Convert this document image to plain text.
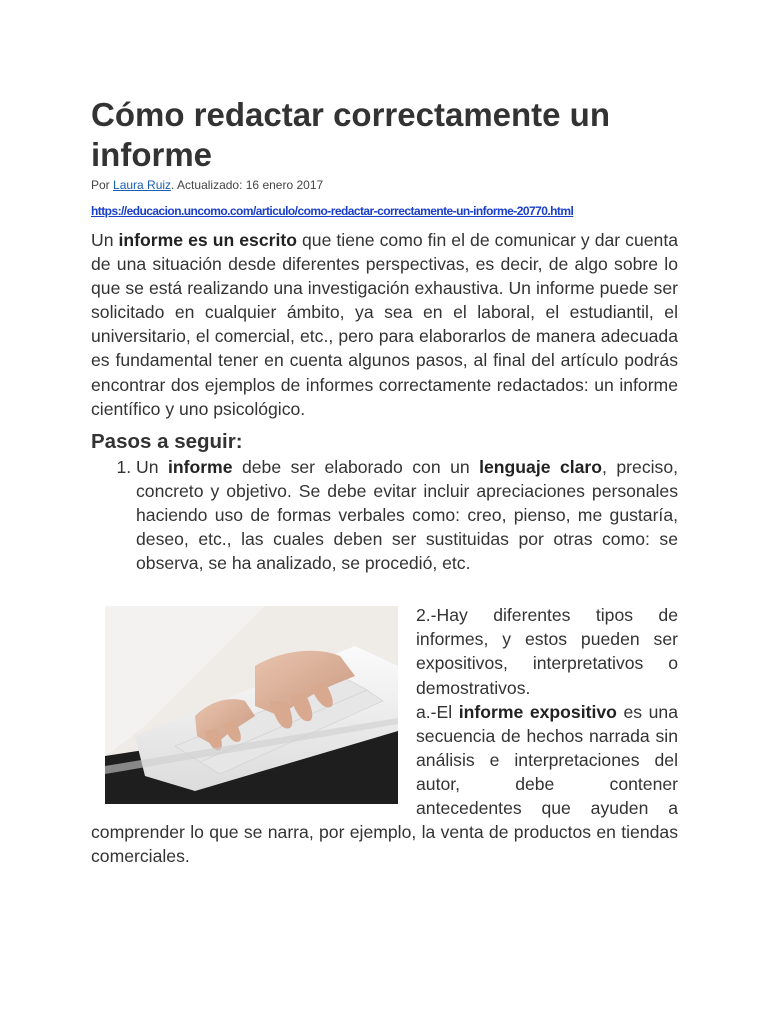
Cómo redactar correctamente un informe
Por Laura Ruiz. Actualizado: 16 enero 2017
https://educacion.uncomo.com/articulo/como-redactar-correctamente-un-informe-20770.html
Un informe es un escrito que tiene como fin el de comunicar y dar cuenta de una situación desde diferentes perspectivas, es decir, de algo sobre lo que se está realizando una investigación exhaustiva. Un informe puede ser solicitado en cualquier ámbito, ya sea en el laboral, el estudiantil, el universitario, el comercial, etc., pero para elaborarlos de manera adecuada es fundamental tener en cuenta algunos pasos, al final del artículo podrás encontrar dos ejemplos de informes correctamente redactados: un informe científico y uno psicológico.
Pasos a seguir:
1. Un informe debe ser elaborado con un lenguaje claro, preciso, concreto y objetivo. Se debe evitar incluir apreciaciones personales haciendo uso de formas verbales como: creo, pienso, me gustaría, deseo, etc., las cuales deben ser sustituidas por otras como: se observa, se ha analizado, se procedió, etc.
2.-Hay diferentes tipos de informes, y estos pueden ser expositivos, interpretativos o demostrativos.
a.-El informe expositivo es una secuencia de hechos narrada sin análisis e interpretaciones del autor, debe contener antecedentes que ayuden a comprender lo que se narra, por ejemplo, la venta de productos en tiendas comerciales.
